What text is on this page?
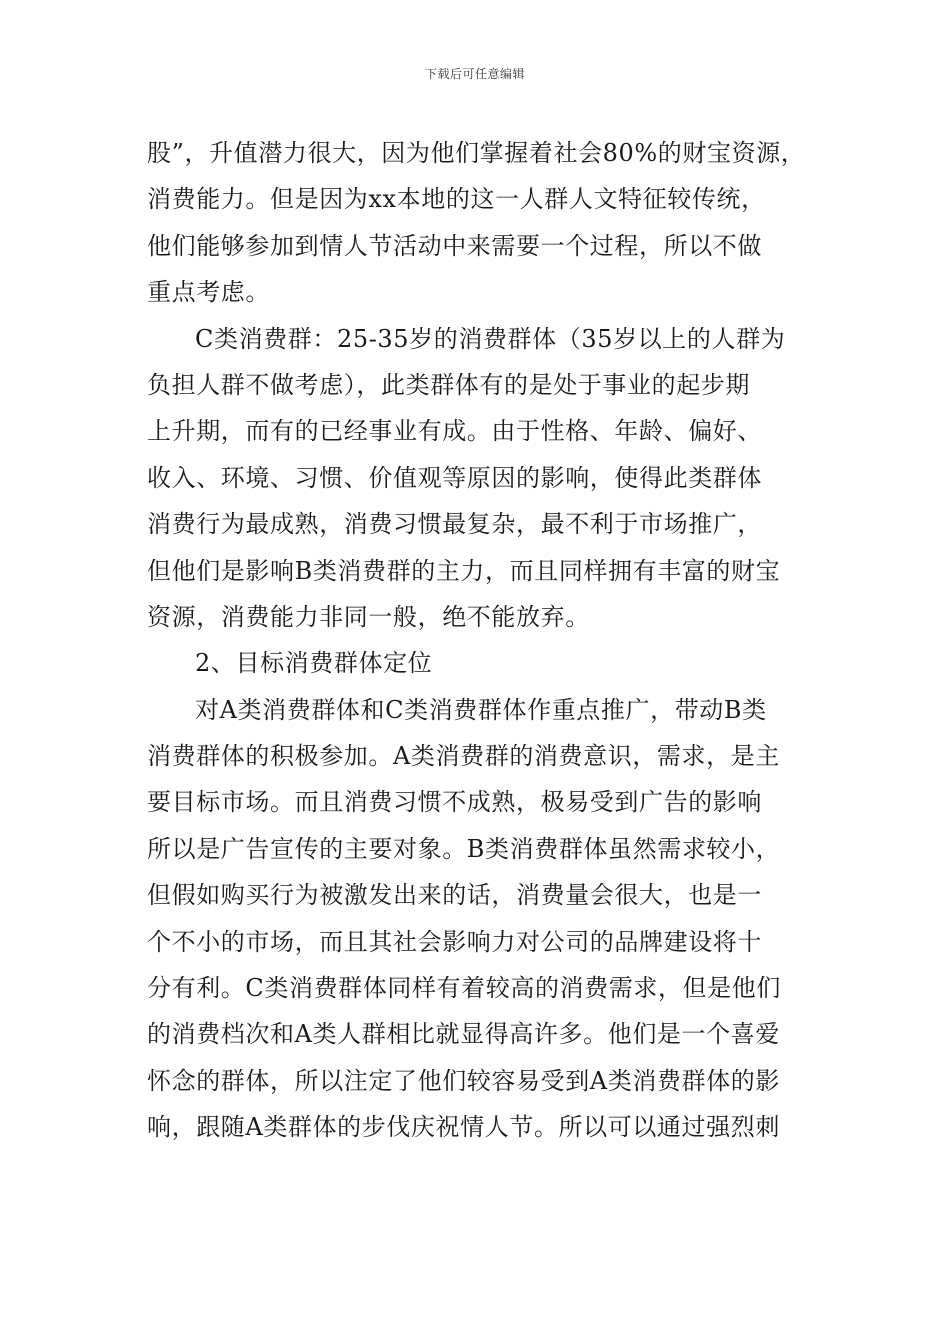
下载后可任意编辑
股”，升值潜力很大，因为他们掌握着社会80%的财宝资源，
消费能力。但是因为xx本地的这一人群人文特征较传统，
他们能够参加到情人节活动中来需要一个过程，所以不做
重点考虑。
C类消费群：25-35岁的消费群体（35岁以上的人群为
负担人群不做考虑），此类群体有的是处于事业的起步期
上升期，而有的已经事业有成。由于性格、年龄、偏好、
收入、环境、习惯、价值观等原因的影响，使得此类群体
消费行为最成熟，消费习惯最复杂，最不利于市场推广，
但他们是影响B类消费群的主力，而且同样拥有丰富的财宝
资源，消费能力非同一般，绝不能放弃。
2、目标消费群体定位
对A类消费群体和C类消费群体作重点推广，带动B类
消费群体的积极参加。A类消费群的消费意识，需求，是主
要目标市场。而且消费习惯不成熟，极易受到广告的影响
所以是广告宣传的主要对象。B类消费群体虽然需求较小，
但假如购买行为被激发出来的话，消费量会很大，也是一
个不小的市场，而且其社会影响力对公司的品牌建设将十
分有利。C类消费群体同样有着较高的消费需求，但是他们
的消费档次和A类人群相比就显得高许多。他们是一个喜爱
怀念的群体，所以注定了他们较容易受到A类消费群体的影
响，跟随A类群体的步伐庆祝情人节。所以可以通过强烈刺
